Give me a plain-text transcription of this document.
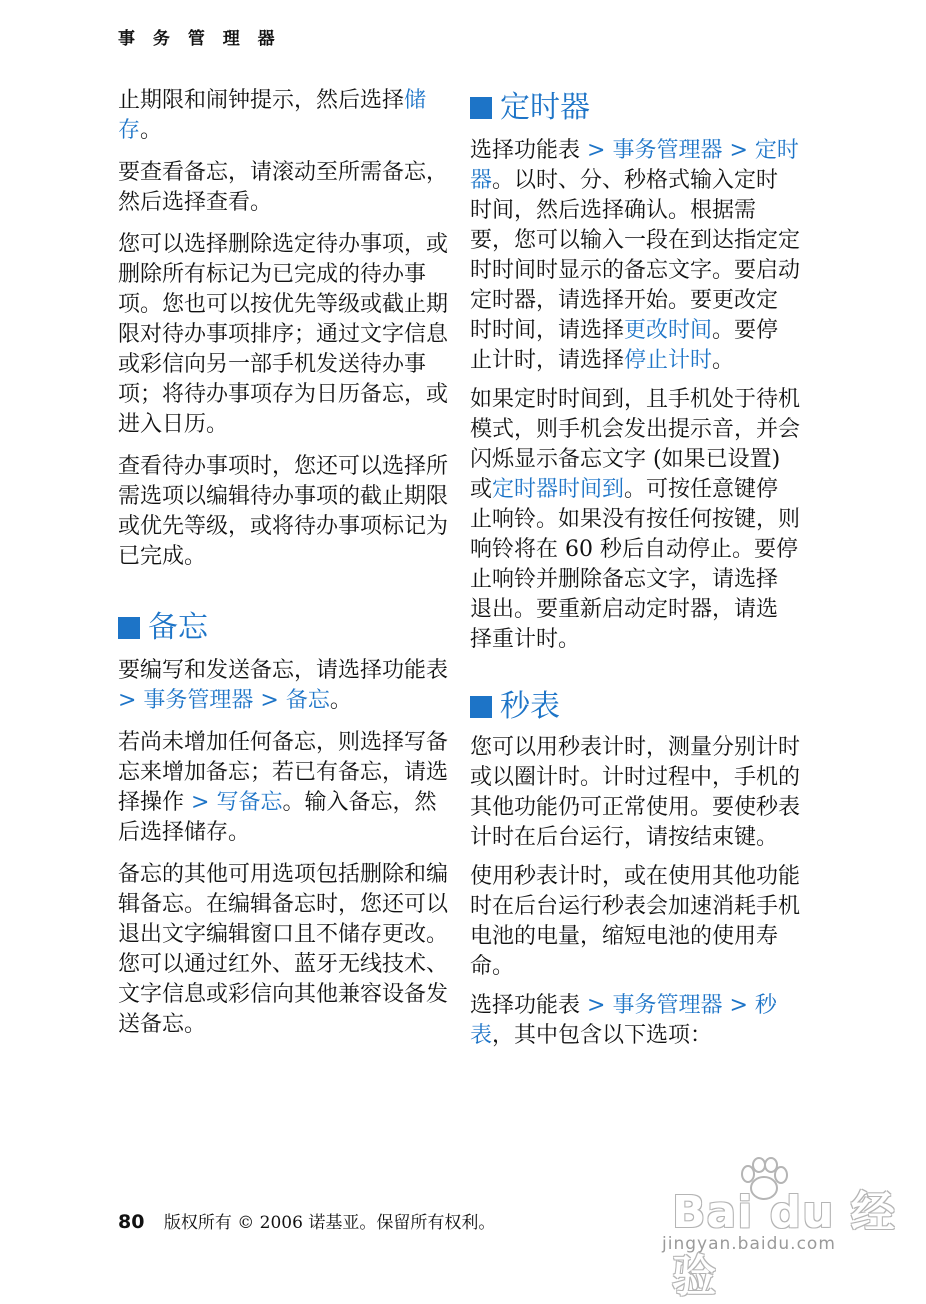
事 务 管 理 器

止期限和闹钟提示，然后选择储存。

要查看备忘，请滚动至所需备忘，然后选择查看。

您可以选择删除选定待办事项，或删除所有标记为已完成的待办事项。您也可以按优先等级或截止期限对待办事项排序；通过文字信息或彩信向另一部手机发送待办事项；将待办事项存为日历备忘，或进入日历。

查看待办事项时，您还可以选择所需选项以编辑待办事项的截止期限或优先等级，或将待办事项标记为已完成。

备忘

要编写和发送备忘，请选择功能表 > 事务管理器 > 备忘。

若尚未增加任何备忘，则选择写备忘来增加备忘；若已有备忘，请选择操作 > 写备忘。输入备忘，然后选择储存。

备忘的其他可用选项包括删除和编辑备忘。在编辑备忘时，您还可以退出文字编辑窗口且不储存更改。您可以通过红外、蓝牙无线技术、文字信息或彩信向其他兼容设备发送备忘。

定时器

选择功能表 > 事务管理器 > 定时器。以时、分、秒格式输入定时时间，然后选择确认。根据需要，您可以输入一段在到达指定定时时间时显示的备忘文字。要启动定时器，请选择开始。要更改定时时间，请选择更改时间。要停止计时，请选择停止计时。

如果定时时间到，且手机处于待机模式，则手机会发出提示音，并会闪烁显示备忘文字 (如果已设置) 或定时器时间到。可按任意键停止响铃。如果没有按任何按键，则响铃将在 60 秒后自动停止。要停止响铃并删除备忘文字，请选择退出。要重新启动定时器，请选择重计时。

秒表

您可以用秒表计时，测量分别计时或以圈计时。计时过程中，手机的其他功能仍可正常使用。要使秒表计时在后台运行，请按结束键。

使用秒表计时，或在使用其他功能时在后台运行秒表会加速消耗手机电池的电量，缩短电池的使用寿命。

选择功能表 > 事务管理器 > 秒表，其中包含以下选项：

80 版权所有 © 2006 诺基亚。保留所有权利。	Bai du 经验
jingyan.baidu.com
